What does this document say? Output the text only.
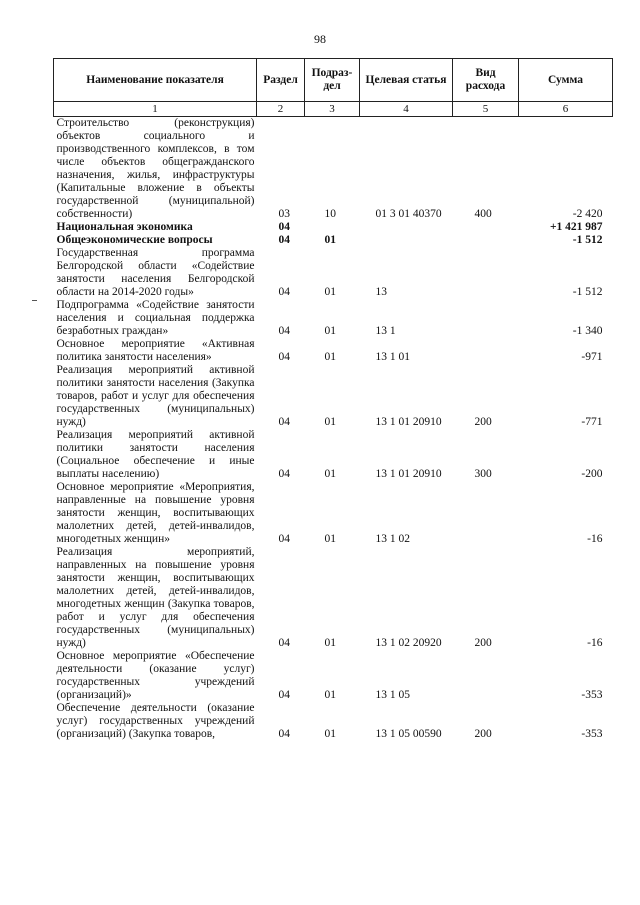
98
Наименование показателя	Раздел	Подраз-дел	Целевая статья	Вид расхода	Сумма
1	2	3	4	5	6
Строительство (реконструкция) объектов социального и производственного комплексов, в том числе объектов общегражданского назначения, жилья, инфраструктуры (Капитальные вложение в объекты государственной (муниципальной) собственности)	03	10	01 3 01 40370	400	-2 420
Национальная экономика	04				+1 421 987
Общеэкономические вопросы	04	01			-1 512
Государственная программа Белгородской области «Содействие занятости населения Белгородской области на 2014-2020 годы»	04	01	13		-1 512
Подпрограмма «Содействие занятости населения и социальная поддержка безработных граждан»	04	01	13 1		-1 340
Основное мероприятие «Активная политика занятости населения»	04	01	13 1 01		-971
Реализация мероприятий активной политики занятости населения (Закупка товаров, работ и услуг для обеспечения государственных (муниципальных) нужд)	04	01	13 1 01 20910	200	-771
Реализация мероприятий активной политики занятости населения (Социальное обеспечение и иные выплаты населению)	04	01	13 1 01 20910	300	-200
Основное мероприятие «Мероприятия, направленные на повышение уровня занятости женщин, воспитывающих малолетних детей, детей-инвалидов, многодетных женщин»	04	01	13 1 02		-16
Реализация мероприятий, направленных на повышение уровня занятости женщин, воспитывающих малолетних детей, детей-инвалидов, многодетных женщин (Закупка товаров, работ и услуг для обеспечения государственных (муниципальных) нужд)	04	01	13 1 02 20920	200	-16
Основное мероприятие «Обеспечение деятельности (оказание услуг) государственных учреждений (организаций)»	04	01	13 1 05		-353
Обеспечение деятельности (оказание услуг) государственных учреждений (организаций) (Закупка товаров,	04	01	13 1 05 00590	200	-353
